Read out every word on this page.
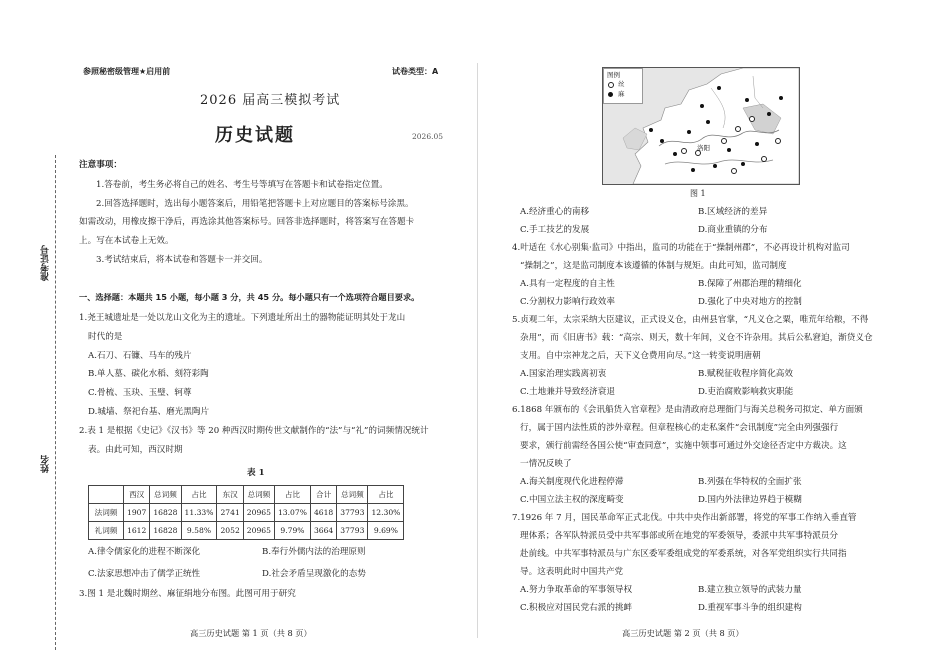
参照秘密级管理★启用前	试卷类型：A
2026 届高三模拟考试
历史试题	2026.05
准考证号
姓名
注意事项：
1.答卷前，考生务必将自己的姓名、考生号等填写在答题卡和试卷指定位置。
2.回答选择题时，选出每小题答案后，用铅笔把答题卡上对应题目的答案标号涂黑。
如需改动，用橡皮擦干净后，再选涂其他答案标号。回答非选择题时，将答案写在答题卡
上。写在本试卷上无效。
3.考试结束后，将本试卷和答题卡一并交回。
一、选择题：本题共 15 小题，每小题 3 分，共 45 分。每小题只有一个选项符合题目要求。
1.尧王城遗址是一处以龙山文化为主的遗址。下列遗址所出土的器物能证明其处于龙山
时代的是
A.石刀、石镰、马车的残片
B.单人墓、碳化水稻、刻符彩陶
C.骨梳、玉玦、玉璧、轲尊
D.城墙、祭祀台基、磨光黑陶片
2.表 1 是根据《史记》《汉书》等 20 种西汉时期传世文献制作的“法”与“礼”的词频情况统计
表。由此可知，西汉时期
表 1
	西汉	总词频	占比	东汉	总词频	占比	合计	总词频	占比
法词频	1907	16828	11.33%	2741	20965	13.07%	4618	37793	12.30%
礼词频	1612	16828	9.58%	2052	20965	9.79%	3664	37793	9.69%
A.律令儒家化的进程不断深化	B.奉行外儒内法的治理原则
C.法家思想冲击了儒学正统性	D.社会矛盾呈现激化的态势
3.图 1 是北魏时期丝、麻征绢地分布图。此图可用于研究
高三历史试题 第 1 页（共 8 页）
洛阳
图例
丝
麻
图 1
A.经济重心的南移	B.区域经济的差异
C.手工技艺的发展	D.商业重镇的分布
4.叶适在《水心别集·监司》中指出，监司的功能在于“操制州郡”，不必再设计机构对监司
“操制之”，这是监司制度本该遵循的体制与规矩。由此可知，监司制度
A.具有一定程度的自主性	B.保障了州郡治理的精细化
C.分割权力影响行政效率	D.强化了中央对地方的控制
5.贞观二年，太宗采纳大臣建议，正式设义仓，由州县官掌，“凡义仓之粟，唯荒年给粮，不得
杂用”，而《旧唐书》载：“高宗、则天，数十年间，义仓不许杂用。其后公私窘迫，渐贷义仓
支用。自中宗神龙之后，天下义仓费用向尽。”这一转变说明唐朝
A.国家治理实践离初衷	B.赋税征收程序简化高效
C.土地兼并导致经济衰退	D.吏治腐败影响救灾职能
6.1868 年颁布的《会讯船货入官章程》是由清政府总理衙门与海关总税务司拟定、单方面颁
行，属于国内法性质的涉外章程。但章程核心的走私案件“会讯制度”完全由列强强行
要求，颁行前需经各国公使“审查同意”，实施中领事可通过外交途径否定中方裁决。这
一情况反映了
A.海关制度现代化进程停滞	B.列强在华特权的全面扩张
C.中国立法主权的深度畸变	D.国内外法律边界趋于模糊
7.1926 年 7 月，国民革命军正式北伐。中共中央作出新部署，将党的军事工作纳入垂直管
理体系；各军队特派员受中共军事部或所在地党的军委领导，委派中共军事特派员分
赴前线。中共军事特派员与广东区委军委组成党的军委系统，对各军党组织实行共同指
导。这表明此时中国共产党
A.努力争取革命的军事领导权	B.建立独立领导的武装力量
C.积极应对国民党右派的挑衅	D.重视军事斗争的组织建构
高三历史试题 第 2 页（共 8 页）
